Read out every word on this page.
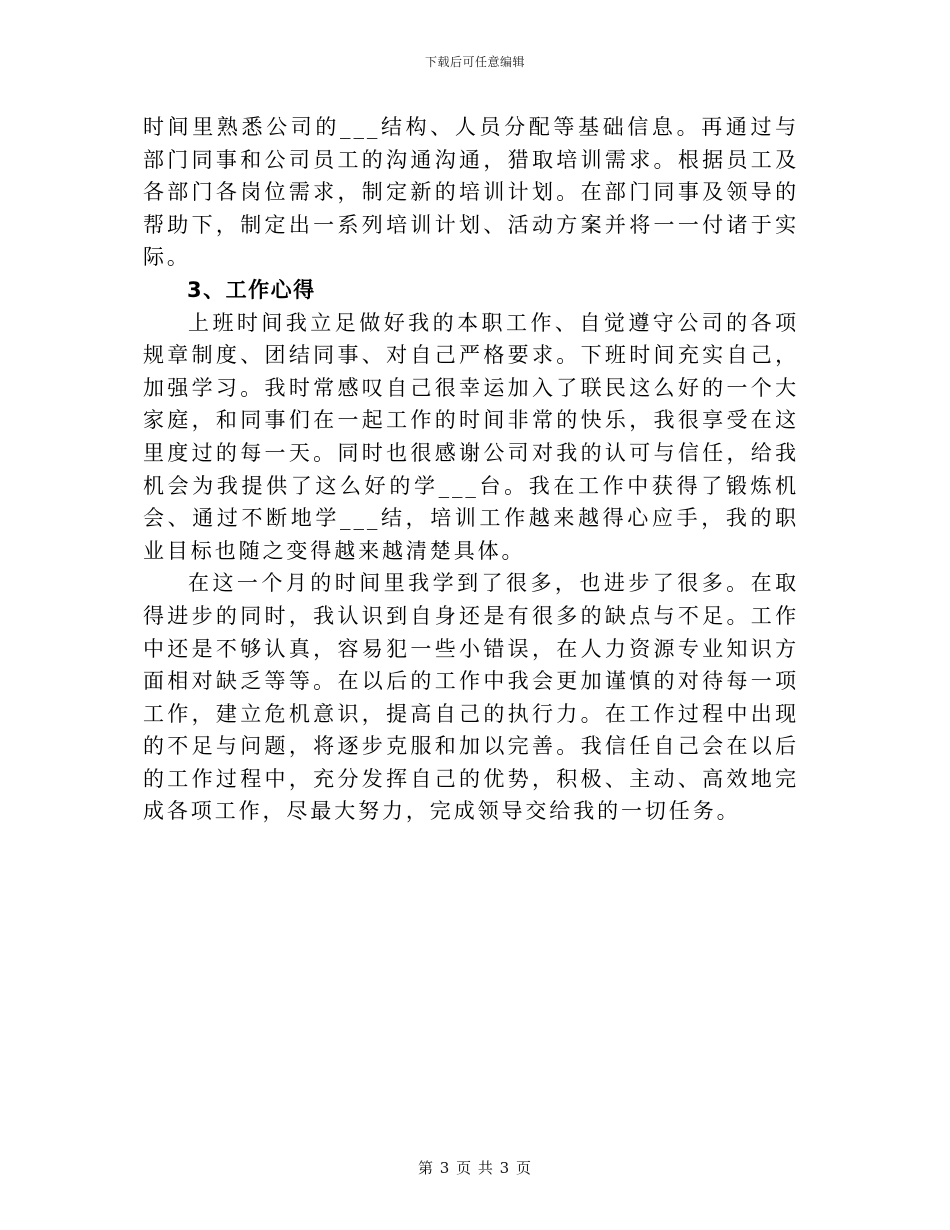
下载后可任意编辑

时间里熟悉公司的___结构、人员分配等基础信息。再通过与部门同事和公司员工的沟通沟通，猎取培训需求。根据员工及各部门各岗位需求，制定新的培训计划。在部门同事及领导的帮助下，制定出一系列培训计划、活动方案并将一一付诸于实际。

3、工作心得

上班时间我立足做好我的本职工作、自觉遵守公司的各项规章制度、团结同事、对自己严格要求。下班时间充实自己，加强学习。我时常感叹自己很幸运加入了联民这么好的一个大家庭，和同事们在一起工作的时间非常的快乐，我很享受在这里度过的每一天。同时也很感谢公司对我的认可与信任，给我机会为我提供了这么好的学___台。我在工作中获得了锻炼机会、通过不断地学___结，培训工作越来越得心应手，我的职业目标也随之变得越来越清楚具体。

在这一个月的时间里我学到了很多，也进步了很多。在取得进步的同时，我认识到自身还是有很多的缺点与不足。工作中还是不够认真，容易犯一些小错误，在人力资源专业知识方面相对缺乏等等。在以后的工作中我会更加谨慎的对待每一项工作，建立危机意识，提高自己的执行力。在工作过程中出现的不足与问题，将逐步克服和加以完善。我信任自己会在以后的工作过程中，充分发挥自己的优势，积极、主动、高效地完成各项工作，尽最大努力，完成领导交给我的一切任务。

第 3 页 共 3 页
